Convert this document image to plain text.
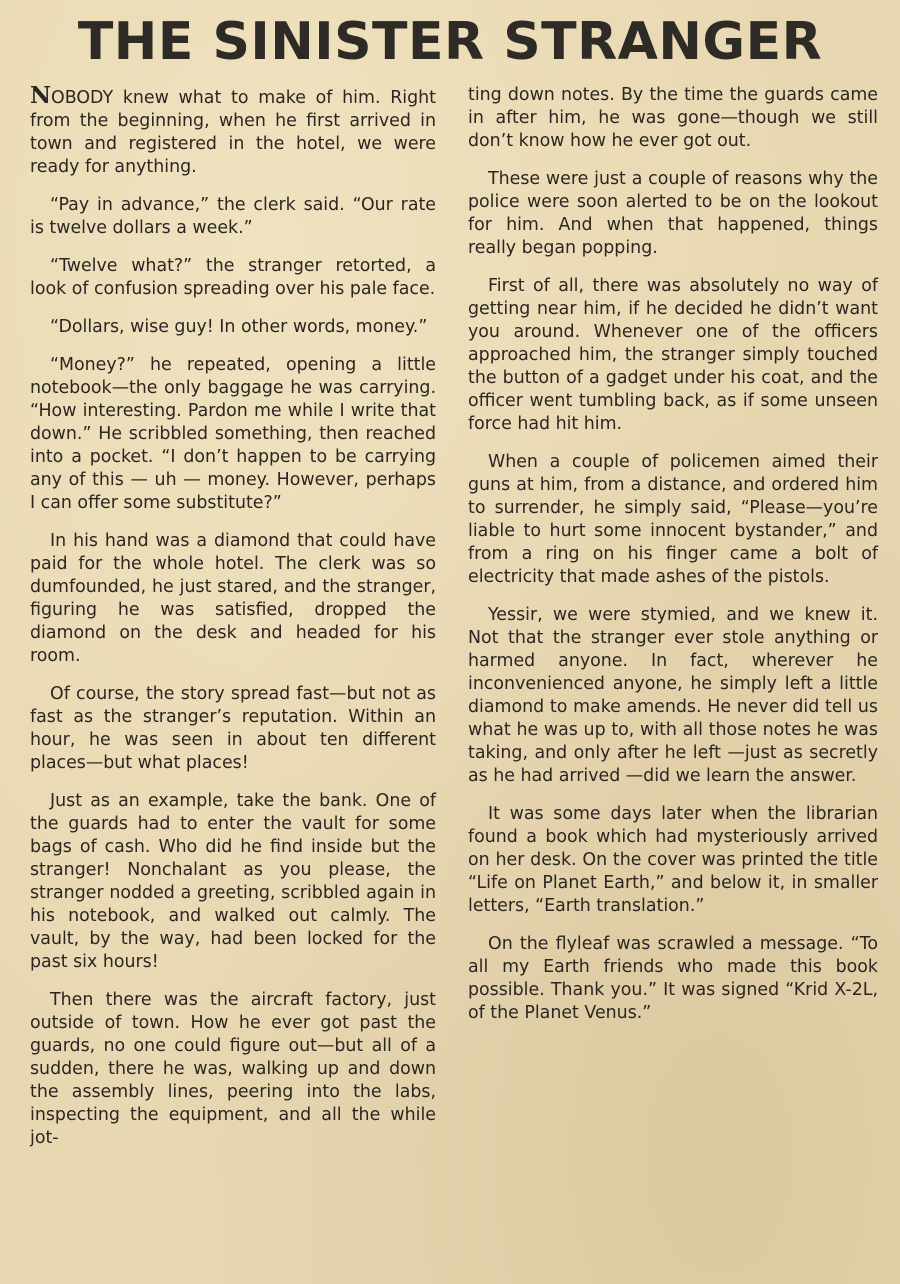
THE SINISTER STRANGER

NOBODY knew what to make of him. Right from the beginning, when he first arrived in town and registered in the hotel, we were ready for anything.

“Pay in advance,” the clerk said. “Our rate is twelve dollars a week.”

“Twelve what?” the stranger retorted, a look of confusion spreading over his pale face.

“Dollars, wise guy! In other words, money.”

“Money?” he repeated, opening a little notebook—the only baggage he was carrying. “How interesting. Pardon me while I write that down.” He scribbled something, then reached into a pocket. “I don’t happen to be carrying any of this — uh — money. However, perhaps I can offer some substitute?”

In his hand was a diamond that could have paid for the whole hotel. The clerk was so dumfounded, he just stared, and the stranger, figuring he was satisfied, dropped the diamond on the desk and headed for his room.

Of course, the story spread fast—but not as fast as the stranger’s reputation. Within an hour, he was seen in about ten different places—but what places!

Just as an example, take the bank. One of the guards had to enter the vault for some bags of cash. Who did he find inside but the stranger! Nonchalant as you please, the stranger nodded a greeting, scribbled again in his notebook, and walked out calmly. The vault, by the way, had been locked for the past six hours!

Then there was the aircraft factory, just outside of town. How he ever got past the guards, no one could figure out—but all of a sudden, there he was, walking up and down the assembly lines, peering into the labs, inspecting the equipment, and all the while jot-

ting down notes. By the time the guards came in after him, he was gone—though we still don’t know how he ever got out.

These were just a couple of reasons why the police were soon alerted to be on the lookout for him. And when that happened, things really began popping.

First of all, there was absolutely no way of getting near him, if he decided he didn’t want you around. Whenever one of the officers approached him, the stranger simply touched the button of a gadget under his coat, and the officer went tumbling back, as if some unseen force had hit him.

When a couple of policemen aimed their guns at him, from a distance, and ordered him to surrender, he simply said, “Please—you’re liable to hurt some innocent bystander,” and from a ring on his finger came a bolt of electricity that made ashes of the pistols.

Yessir, we were stymied, and we knew it. Not that the stranger ever stole anything or harmed anyone. In fact, wherever he inconvenienced anyone, he simply left a little diamond to make amends. He never did tell us what he was up to, with all those notes he was taking, and only after he left —just as secretly as he had arrived —did we learn the answer.

It was some days later when the librarian found a book which had mysteriously arrived on her desk. On the cover was printed the title “Life on Planet Earth,” and below it, in smaller letters, “Earth translation.”

On the flyleaf was scrawled a message. “To all my Earth friends who made this book possible. Thank you.” It was signed “Krid X-2L, of the Planet Venus.”
